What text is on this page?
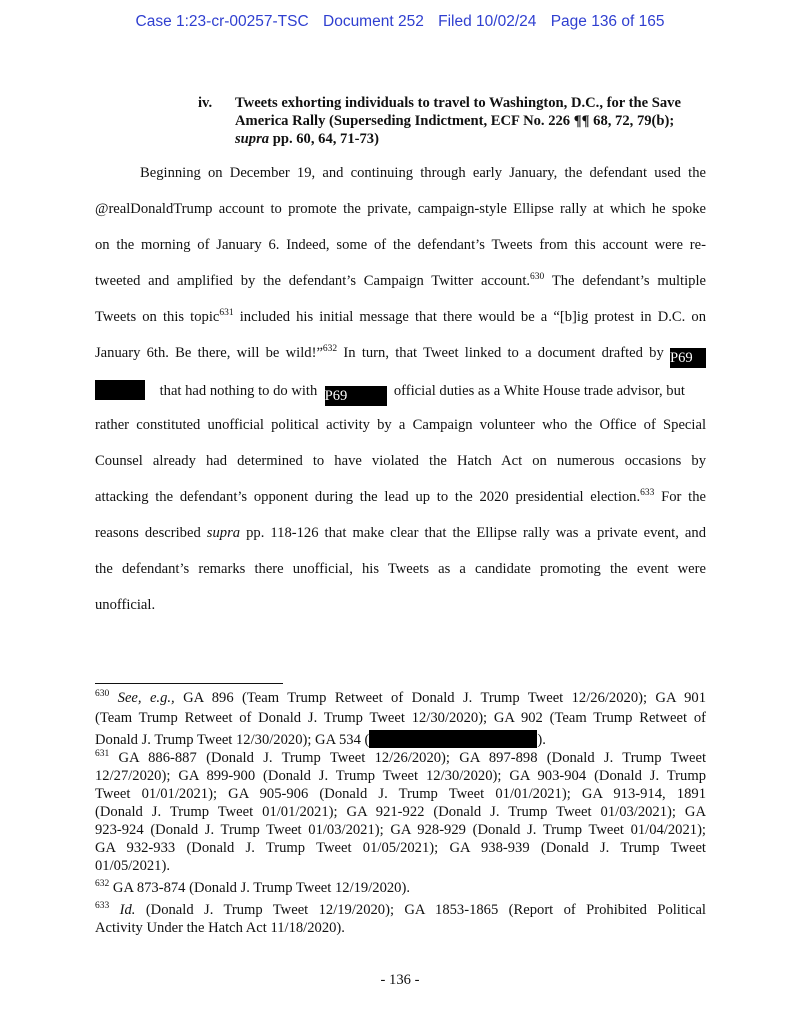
Case 1:23-cr-00257-TSC Document 252 Filed 10/02/24 Page 136 of 165
iv. Tweets exhorting individuals to travel to Washington, D.C., for the Save
America Rally (Superseding Indictment, ECF No. 226 ¶¶ 68, 72, 79(b);
supra pp. 60, 64, 71-73)
Beginning on December 19, and continuing through early January, the defendant used the
@realDonaldTrump account to promote the private, campaign-style Ellipse rally at which he spoke
on the morning of January 6. Indeed, some of the defendant’s Tweets from this account were re-
tweeted and amplified by the defendant’s Campaign Twitter account.$^{630}$ The defendant’s multiple
Tweets on this topic$^{631}$ included his initial message that there would be a “[b]ig protest in D.C. on
January 6th. Be there, will be wild!”$^{632}$ In turn, that Tweet linked to a document drafted by P69
that had nothing to do with P69	official duties as a White House trade advisor, but
rather constituted unofficial political activity by a Campaign volunteer who the Office of Special
Counsel already had determined to have violated the Hatch Act on numerous occasions by
attacking the defendant’s opponent during the lead up to the 2020 presidential election.$^{633}$ For the
reasons described supra pp. 118-126 that make clear that the Ellipse rally was a private event, and
the defendant’s remarks there unofficial, his Tweets as a candidate promoting the event were
unofficial.
$^{630}$ See, e.g., GA 896 (Team Trump Retweet of Donald J. Trump Tweet 12/26/2020); GA 901
(Team Trump Retweet of Donald J. Trump Tweet 12/30/2020); GA 902 (Team Trump Retweet of
Donald J. Trump Tweet 12/30/2020); GA 534 (	).
$^{631}$ GA 886-887 (Donald J. Trump Tweet 12/26/2020); GA 897-898 (Donald J. Trump Tweet
12/27/2020); GA 899-900 (Donald J. Trump Tweet 12/30/2020); GA 903-904 (Donald J. Trump
Tweet 01/01/2021); GA 905-906 (Donald J. Trump Tweet 01/01/2021); GA 913-914, 1891
(Donald J. Trump Tweet 01/01/2021); GA 921-922 (Donald J. Trump Tweet 01/03/2021); GA
923-924 (Donald J. Trump Tweet 01/03/2021); GA 928-929 (Donald J. Trump Tweet 01/04/2021);
GA 932-933 (Donald J. Trump Tweet 01/05/2021); GA 938-939 (Donald J. Trump Tweet
01/05/2021).
$^{632}$ GA 873-874 (Donald J. Trump Tweet 12/19/2020).
$^{633}$ Id. (Donald J. Trump Tweet 12/19/2020); GA 1853-1865 (Report of Prohibited Political
Activity Under the Hatch Act 11/18/2020).
- 136 -
